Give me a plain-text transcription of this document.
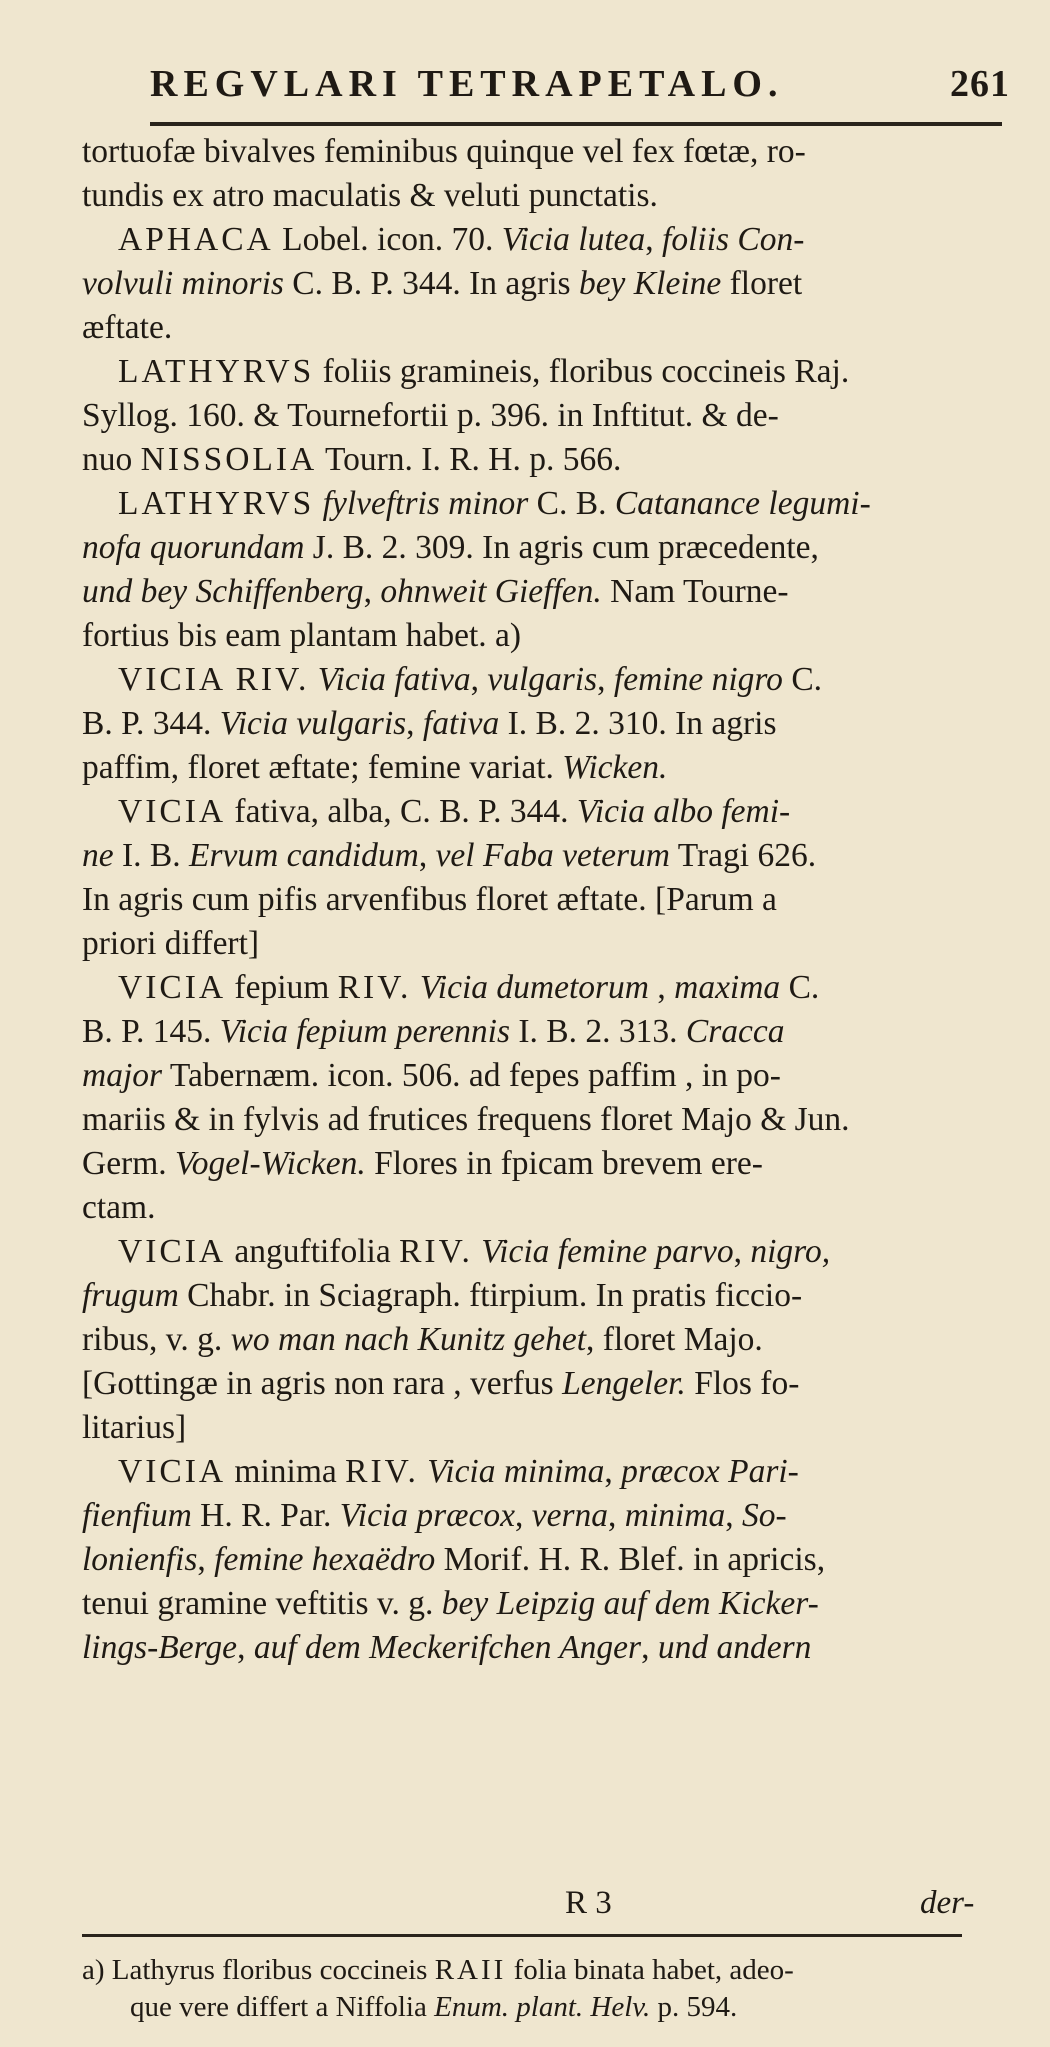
REGVLARI TETRAPETALO.	261

tortuofæ bivalves feminibus quinque vel fex fœtæ, ro-
tundis ex atro maculatis & veluti punctatis.

APHACA Lobel. icon. 70. Vicia lutea, foliis Con-
volvuli minoris C. B. P. 344. In agris bey Kleine floret
æftate.

LATHYRVS foliis gramineis, floribus coccineis Raj.
Syllog. 160. & Tournefortii p. 396. in Inftitut. & de-
nuo NISSOLIA Tourn. I. R. H. p. 566.

LATHYRVS fylveftris minor C. B. Catanance legumi-
nofa quorundam J. B. 2. 309. In agris cum præcedente,
und bey Schiffenberg, ohnweit Gieffen. Nam Tourne-
fortius bis eam plantam habet. a)

VICIA RIV. Vicia fativa, vulgaris, femine nigro C.
B. P. 344. Vicia vulgaris, fativa I. B. 2. 310. In agris
paffim, floret æftate; femine variat. Wicken.

VICIA fativa, alba, C. B. P. 344. Vicia albo femi-
ne I. B. Ervum candidum, vel Faba veterum Tragi 626.
In agris cum pifis arvenfibus floret æftate. [Parum a
priori differt]

VICIA fepium RIV. Vicia dumetorum , maxima C.
B. P. 145. Vicia fepium perennis I. B. 2. 313. Cracca
major Tabernæm. icon. 506. ad fepes paffim , in po-
mariis & in fylvis ad frutices frequens floret Majo & Jun.
Germ. Vogel-Wicken. Flores in fpicam brevem ere-
ctam.

VICIA anguftifolia RIV. Vicia femine parvo, nigro,
frugum Chabr. in Sciagraph. ftirpium. In pratis ficcio-
ribus, v. g. wo man nach Kunitz gehet, floret Majo.
[Gottingæ in agris non rara , verfus Lengeler. Flos fo-
litarius]

VICIA minima RIV. Vicia minima, præcox Pari-
fienfium H. R. Par. Vicia præcox, verna, minima, So-
lonienfis, femine hexaëdro Morif. H. R. Blef. in apricis,
tenui gramine veftitis v. g. bey Leipzig auf dem Kicker-
lings-Berge, auf dem Meckerifchen Anger, und andern

R 3	der-

a) Lathyrus floribus coccineis RAII folia binata habet, adeo-

que vere differt a Niffolia Enum. plant. Helv. p. 594.
